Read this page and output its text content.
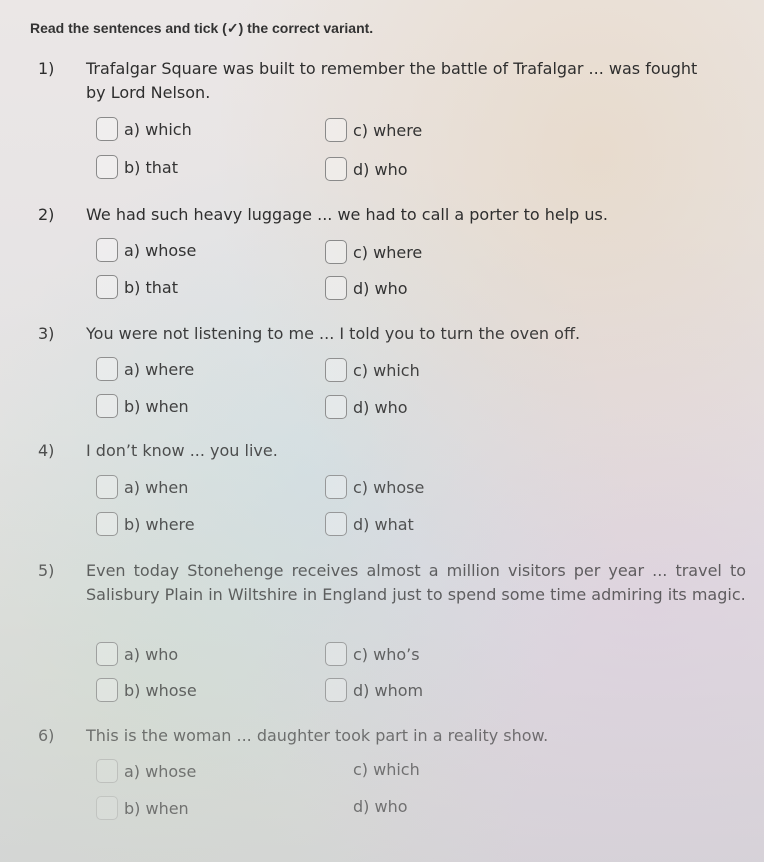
Read the sentences and tick (✓) the correct variant.
1) Trafalgar Square was built to remember the battle of Trafalgar ... was fought by Lord Nelson.
a) which
b) that
c) where
d) who
2) We had such heavy luggage ... we had to call a porter to help us.
a) whose
b) that
c) where
d) who
3) You were not listening to me ... I told you to turn the oven off.
a) where
b) when
c) which
d) who
4) I don’t know ... you live.
a) when
b) where
c) whose
d) what
5) Even today Stonehenge receives almost a million visitors per year ... travel to Salisbury Plain in Wiltshire in England just to spend some time admiring its magic.
a) who
b) whose
c) who’s
d) whom
6) This is the woman ... daughter took part in a reality show.
a) whose
b) when
c) which
d) who
